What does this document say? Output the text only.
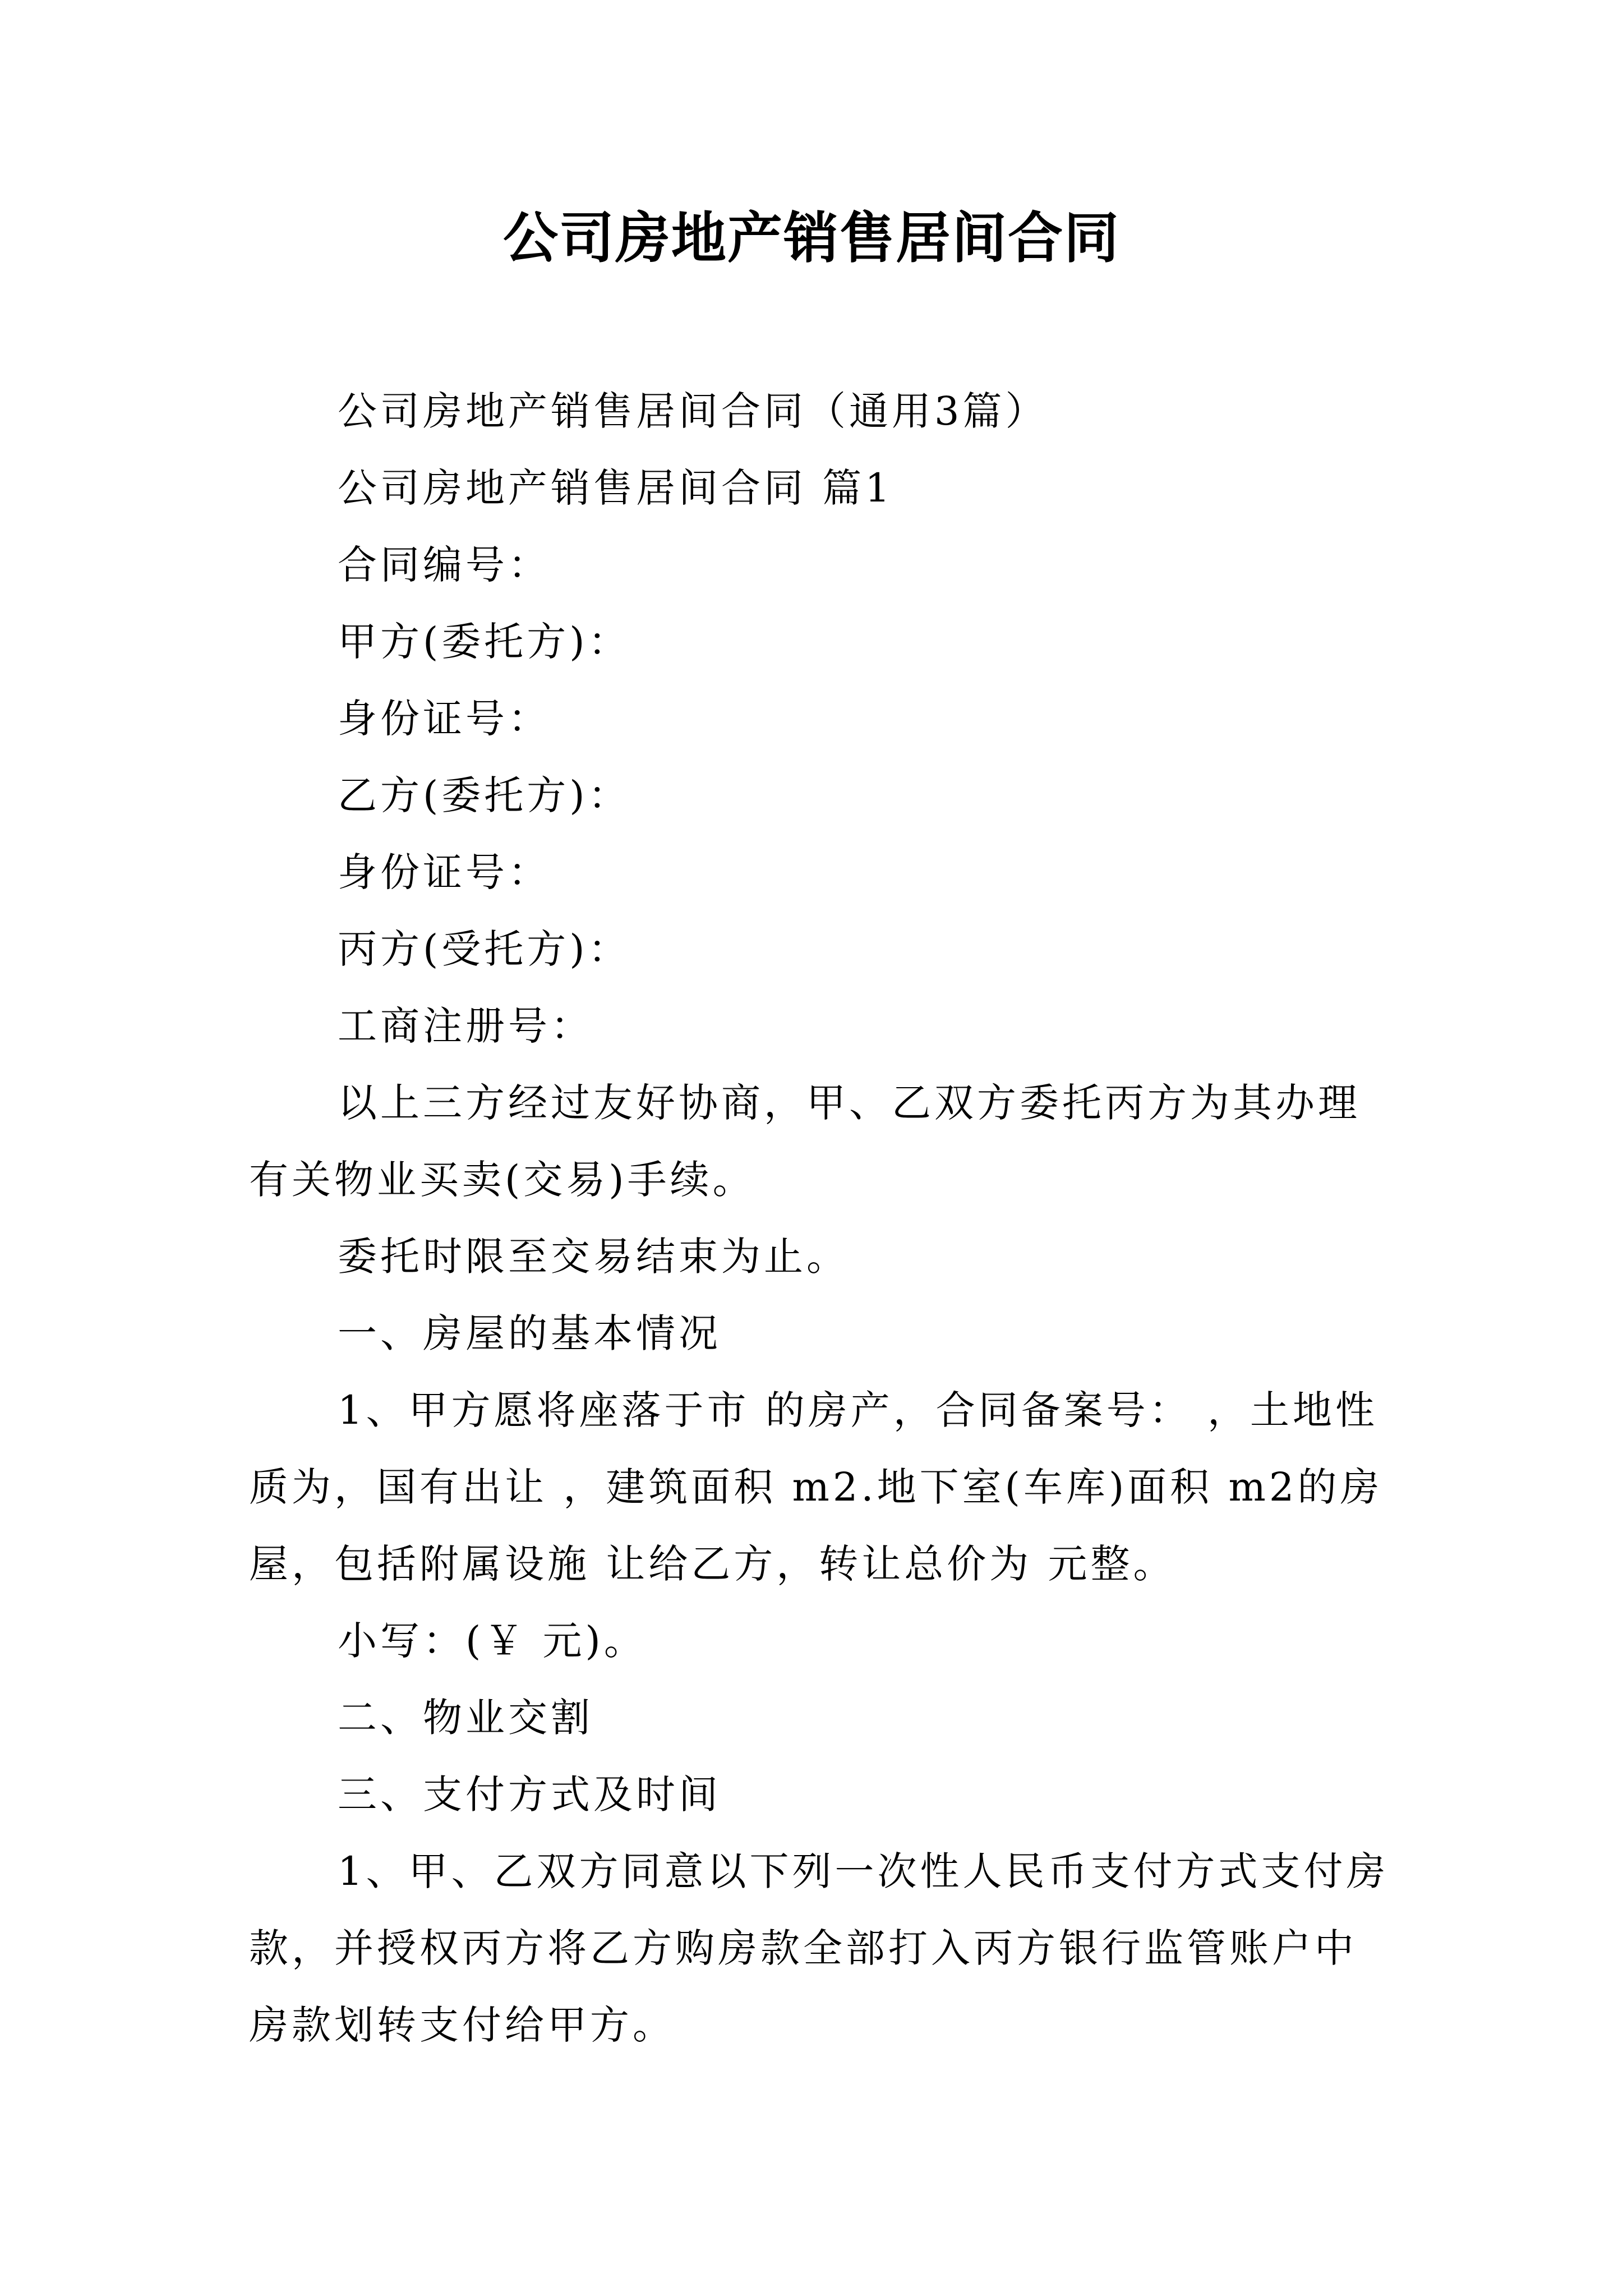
公司房地产销售居间合同

公司房地产销售居间合同（通用3篇）

公司房地产销售居间合同 篇1

合同编号：

甲方(委托方)：

身份证号：

乙方(委托方)：

身份证号：

丙方(受托方)：

工商注册号：

以上三方经过友好协商，甲、乙双方委托丙方为其办理有关物业买卖(交易)手续。

委托时限至交易结束为止。

一、房屋的基本情况

1、甲方愿将座落于市 的房产，合同备案号： ，土地性质为，国有出让 ，建筑面积 m2.地下室(车库)面积 m2的房屋，包括附属设施 让给乙方，转让总价为 元整。

小写：(￥ 元)。

二、物业交割

三、支付方式及时间

1、甲、乙双方同意以下列一次性人民币支付方式支付房款，并授权丙方将乙方购房款全部打入丙方银行监管账户中房款划转支付给甲方。
